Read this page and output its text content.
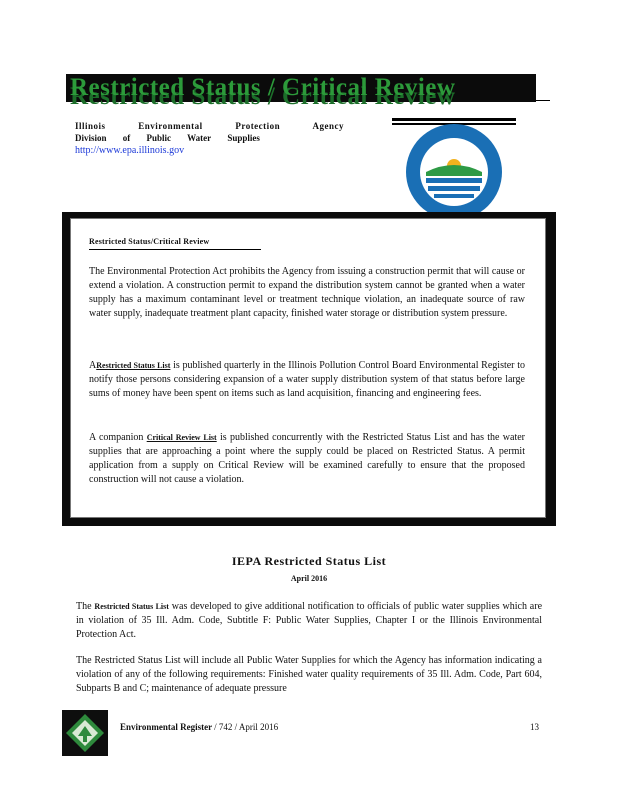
Restricted Status / Critical Review
Illinois	Environmental	Protection	Agency
Division of Public Water Supplies
http://www.epa.illinois.gov
Restricted Status/Critical Review
The Environmental Protection Act prohibits the Agency from issuing a construction permit that will cause or extend a violation. A construction permit to expand the distribution system cannot be granted when a water supply has a maximum contaminant level or treatment technique violation, an inadequate source of raw water supply, inadequate treatment plant capacity, finished water storage or distribution system pressure.
ARestricted Status List is published quarterly in the Illinois Pollution Control Board Environmental Register to notify those persons considering expansion of a water supply distribution system of that status before large sums of money have been spent on items such as land acquisition, financing and engineering fees.
A companion Critical Review List is published concurrently with the Restricted Status List and has the water supplies that are approaching a point where the supply could be placed on Restricted Status. A permit application from a supply on Critical Review will be examined carefully to ensure that the proposed construction will not cause a violation.
IEPA Restricted Status List
April 2016
The Restricted Status List was developed to give additional notification to officials of public water supplies which are in violation of 35 Ill. Adm. Code, Subtitle F: Public Water Supplies, Chapter I or the Illinois Environmental Protection Act.
The Restricted Status List will include all Public Water Supplies for which the Agency has information indicating a violation of any of the following requirements: Finished water quality requirements of 35 Ill. Adm. Code, Part 604, Subparts B and C; maintenance of adequate pressure
Environmental Register / 742 / April 2016	13
